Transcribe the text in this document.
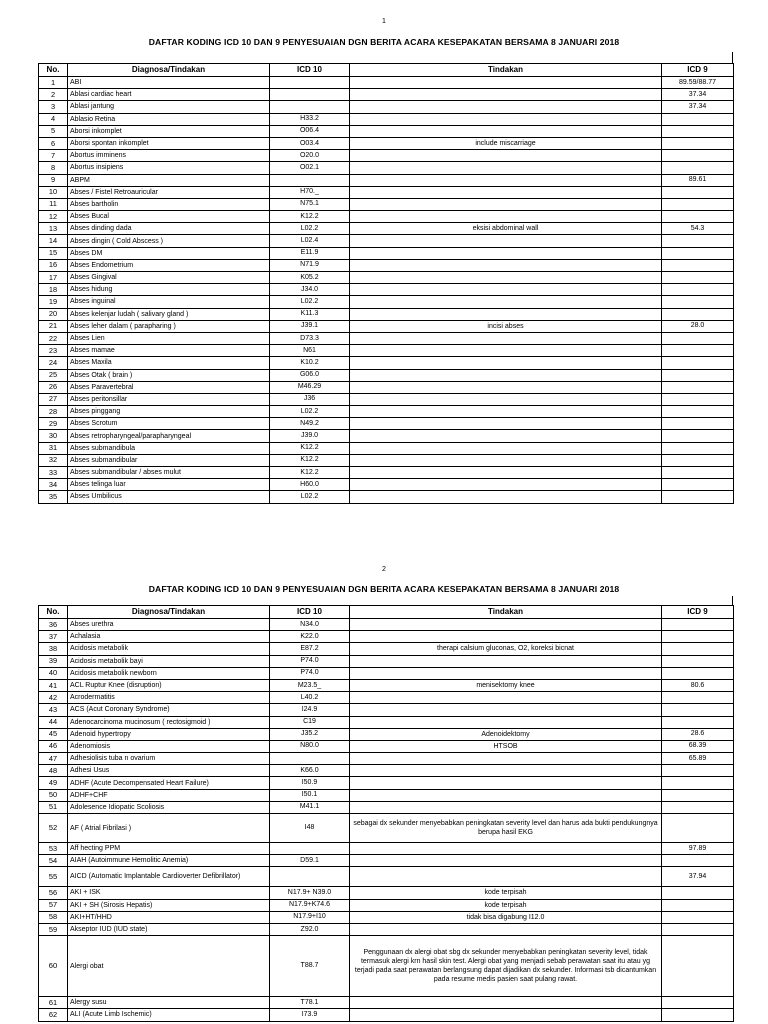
1
DAFTAR KODING ICD 10 DAN 9 PENYESUAIAN DGN BERITA ACARA KESEPAKATAN BERSAMA 8 JANUARI 2018
No.	Diagnosa/Tindakan	ICD 10	Tindakan	ICD 9
1	ABI			89.59/88.77
2	Ablasi cardiac heart			37.34
3	Ablasi jantung			37.34
4	Ablasio Retina	H33.2		
5	Aborsi inkomplet	O06.4		
6	Aborsi spontan inkomplet	O03.4	include miscarriage	
7	Abortus imminens	O20.0		
8	Abortus insipiens	O02.1		
9	ABPM			89.61
10	Abses / Fistel Retroauricular	H70._		
11	Abses bartholin	N75.1		
12	Abses Bucal	K12.2		
13	Abses dinding dada	L02.2	eksisi abdominal wall	54.3
14	Abses dingin ( Cold Abscess )	L02.4		
15	Abses DM	E11.9		
16	Abses Endometrium	N71.9		
17	Abses Gingival	K05.2		
18	Abses hidung	J34.0		
19	Abses inguinal	L02.2		
20	Abses kelenjar ludah ( salivary gland )	K11.3		
21	Abses leher dalam ( parapharing )	J39.1	incisi abses	28.0
22	Abses Lien	D73.3		
23	Abses mamae	N61		
24	Abses Maxila	K10.2		
25	Abses Otak ( brain )	G06.0		
26	Abses Paravertebral	M46.29		
27	Abses peritonsillar	J36		
28	Abses pinggang	L02.2		
29	Abses Scrotum	N49.2		
30	Abses retropharyngeal/parapharyngeal	J39.0		
31	Abses submandibula	K12.2		
32	Abses submandibular	K12.2		
33	Abses submandibular / abses mulut	K12.2		
34	Abses telinga luar	H60.0		
35	Abses Umbilicus	L02.2		
2
DAFTAR KODING ICD 10 DAN 9 PENYESUAIAN DGN BERITA ACARA KESEPAKATAN BERSAMA 8 JANUARI 2018
No.	Diagnosa/Tindakan	ICD 10	Tindakan	ICD 9
36	Abses urethra	N34.0		
37	Achalasia	K22.0		
38	Acidosis metabolik	E87.2	therapi calsium gluconas, O2, koreksi bicnat	
39	Acidosis metabolik bayi	P74.0		
40	Acidosis metabolik newborn	P74.0		
41	ACL Ruptur Knee (disruption)	M23.5_	menisektomy knee	80.6
42	Acrodermatitis	L40.2		
43	ACS (Acut Coronary Syndrome)	I24.9		
44	Adenocarcinoma mucinosum ( rectosigmoid )	C19		
45	Adenoid hypertropy	J35.2	Adenoidektomy	28.6
46	Adenomiosis	N80.0	HTSOB	68.39
47	Adhesiolisis tuba n ovarium			65.89
48	Adhesi Usus	K66.0		
49	ADHF (Acute Decompensated Heart Failure)	I50.9		
50	ADHF+CHF	I50.1		
51	Adolesence Idiopatic Scoliosis	M41.1		
52	AF ( Atrial Fibrilasi )	I48	sebagai dx sekunder menyebabkan peningkatan severity level dan harus ada bukti pendukungnya berupa hasil EKG	
53	Aff hecting PPM			97.89
54	AIAH (Autoimmune Hemolitic Anemia)	D59.1		
55	AICD (Automatic Implantable Cardioverter Defibrillator)			37.94
56	AKI + ISK	N17.9+ N39.0	kode terpisah	
57	AKI + SH (Sirosis Hepatis)	N17.9+K74.6	kode terpisah	
58	AKI+HT/HHD	N17.9+I10	tidak bisa digabung I12.0	
59	Akseptor IUD (IUD state)	Z92.0		
60	Alergi obat	T88.7	Penggunaan dx alergi obat sbg dx sekunder menyebabkan peningkatan severity level, tidak termasuk alergi krn hasil skin test. Alergi obat yang menjadi sebab perawatan saat itu atau yg terjadi pada saat perawatan berlangsung dapat dijadikan dx sekunder. Informasi tsb dicantumkan pada resume medis pasien saat pulang rawat.	
61	Alergy susu	T78.1		
62	ALI (Acute Limb Ischemic)	I73.9		
